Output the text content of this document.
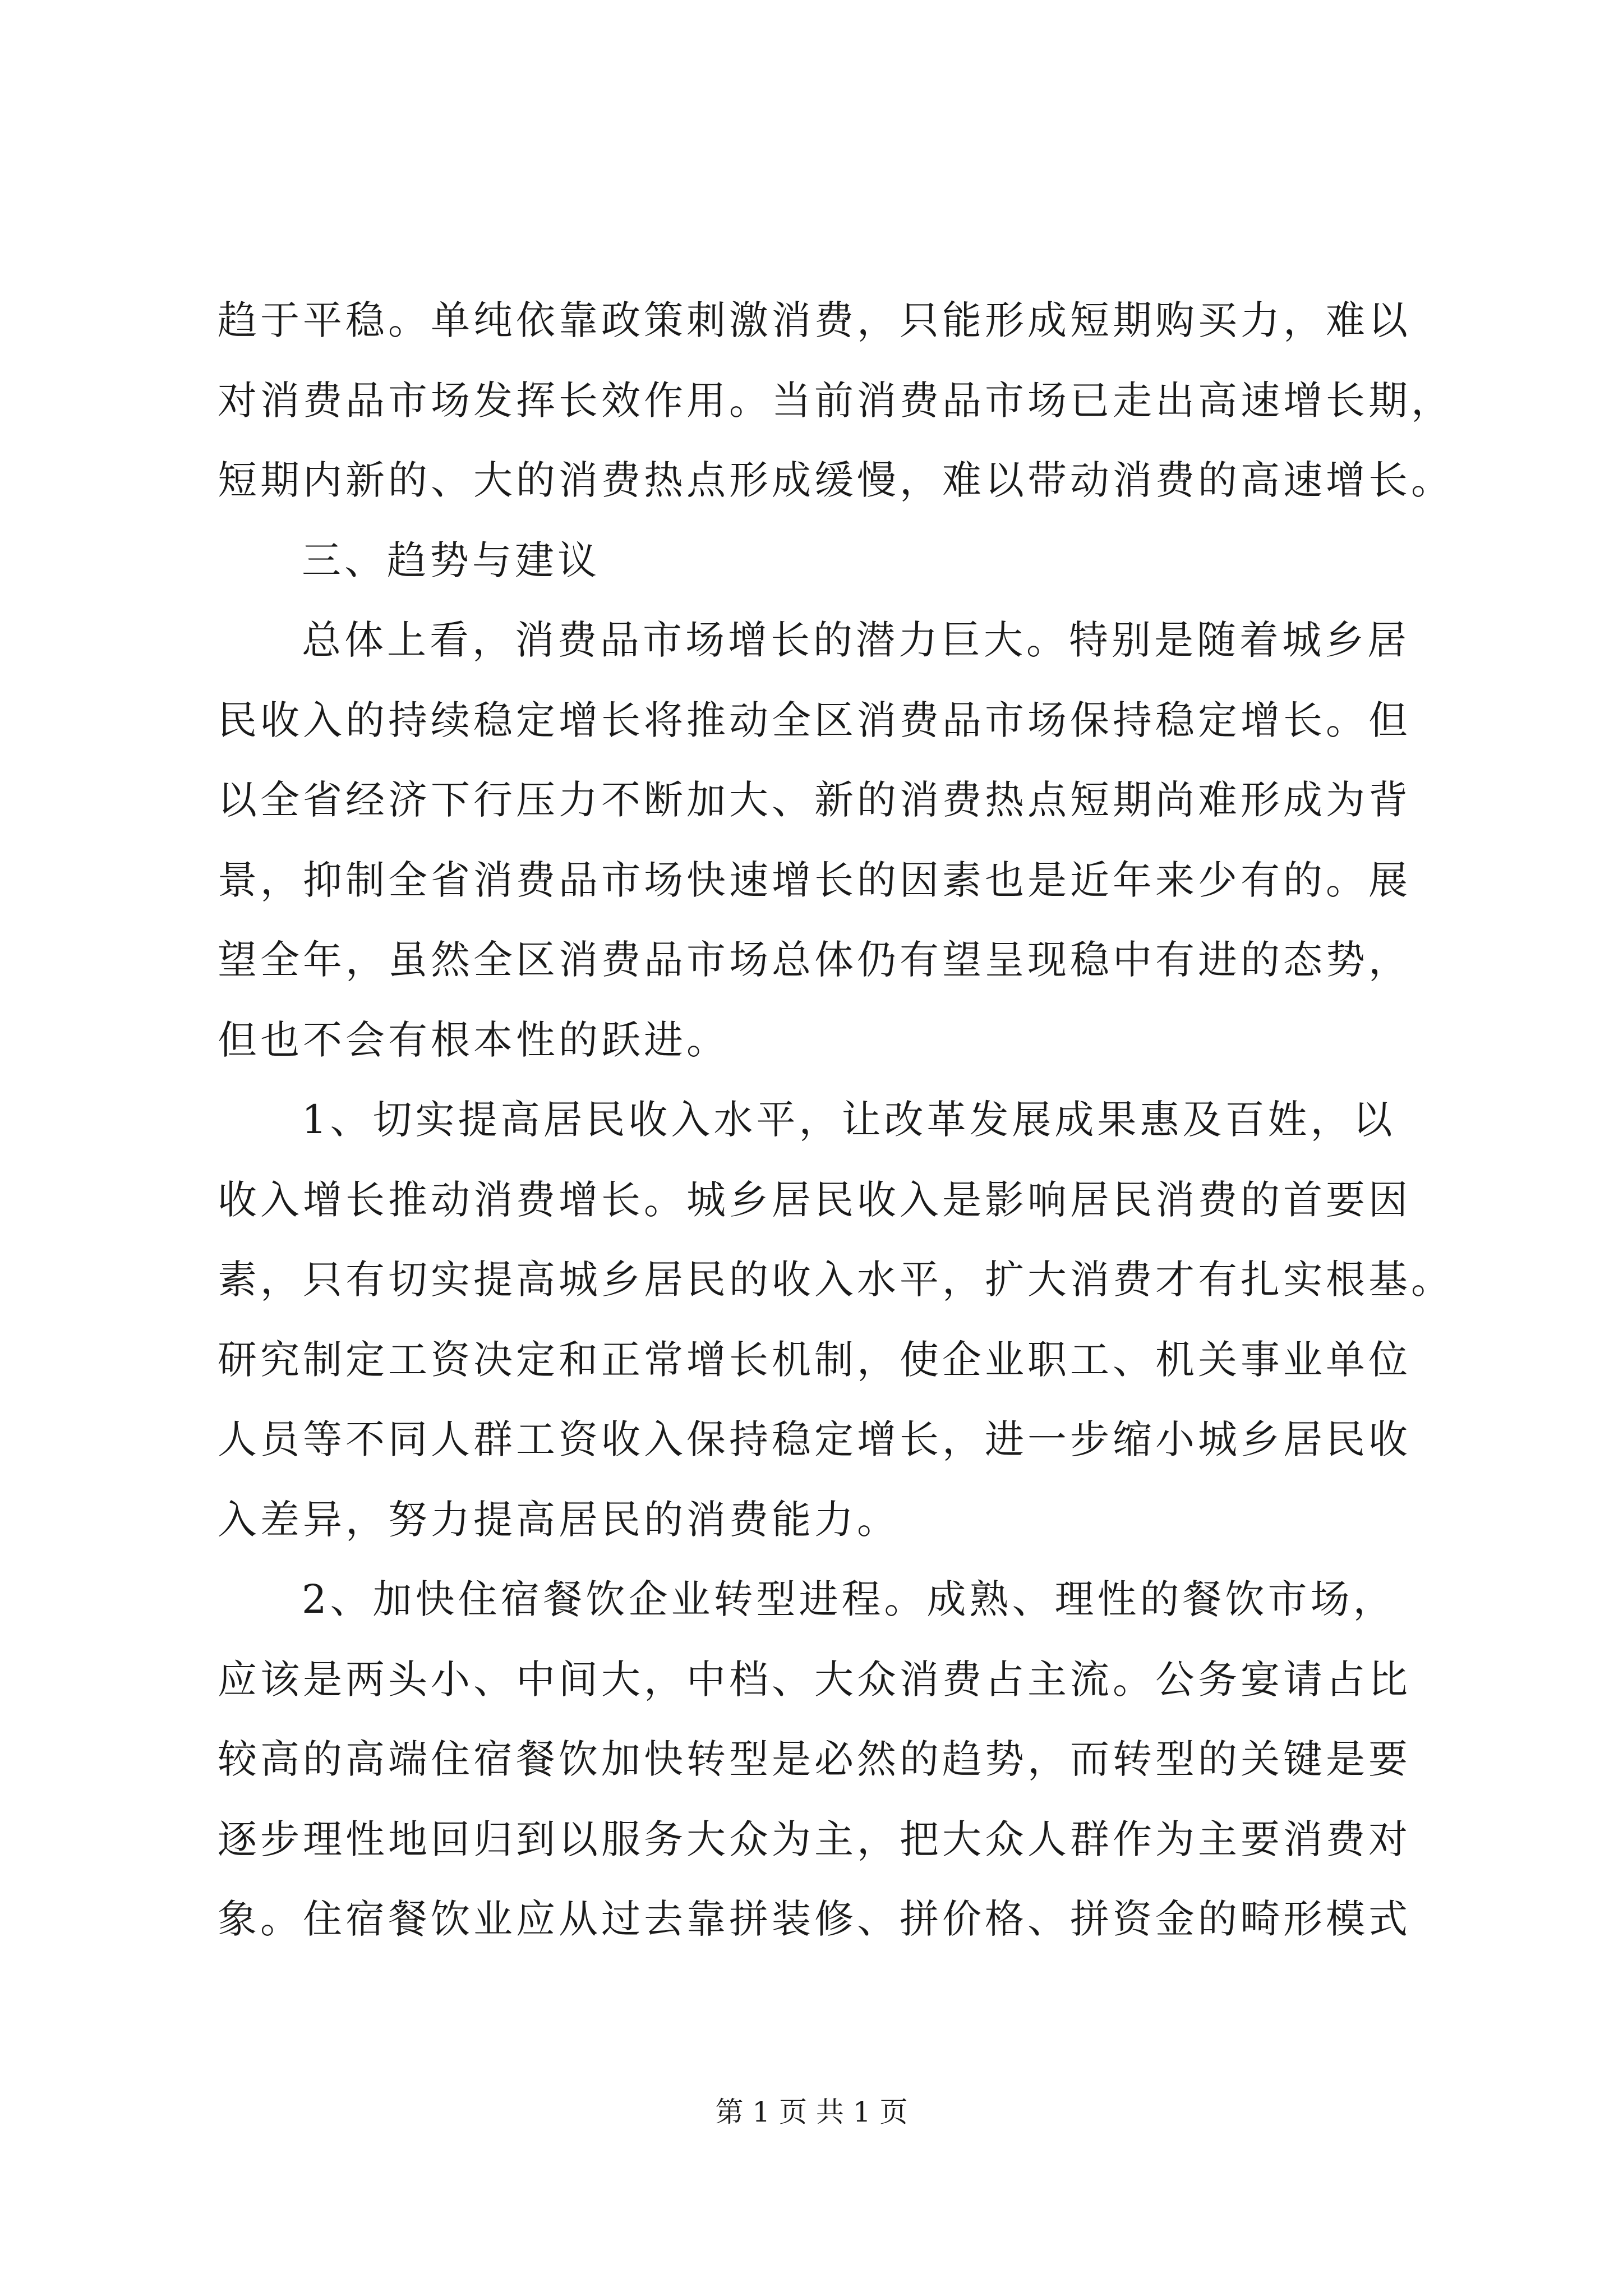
趋于平稳。单纯依靠政策刺激消费，只能形成短期购买力，难以
对消费品市场发挥长效作用。当前消费品市场已走出高速增长期，
短期内新的、大的消费热点形成缓慢，难以带动消费的高速增长。
三、趋势与建议
总体上看，消费品市场增长的潜力巨大。特别是随着城乡居
民收入的持续稳定增长将推动全区消费品市场保持稳定增长。但
以全省经济下行压力不断加大、新的消费热点短期尚难形成为背
景，抑制全省消费品市场快速增长的因素也是近年来少有的。展
望全年，虽然全区消费品市场总体仍有望呈现稳中有进的态势，
但也不会有根本性的跃进。
1、切实提高居民收入水平，让改革发展成果惠及百姓，以
收入增长推动消费增长。城乡居民收入是影响居民消费的首要因
素，只有切实提高城乡居民的收入水平，扩大消费才有扎实根基。
研究制定工资决定和正常增长机制，使企业职工、机关事业单位
人员等不同人群工资收入保持稳定增长，进一步缩小城乡居民收
入差异，努力提高居民的消费能力。
2、加快住宿餐饮企业转型进程。成熟、理性的餐饮市场，
应该是两头小、中间大，中档、大众消费占主流。公务宴请占比
较高的高端住宿餐饮加快转型是必然的趋势，而转型的关键是要
逐步理性地回归到以服务大众为主，把大众人群作为主要消费对
象。住宿餐饮业应从过去靠拼装修、拼价格、拼资金的畸形模式
第 1 页 共 1 页
